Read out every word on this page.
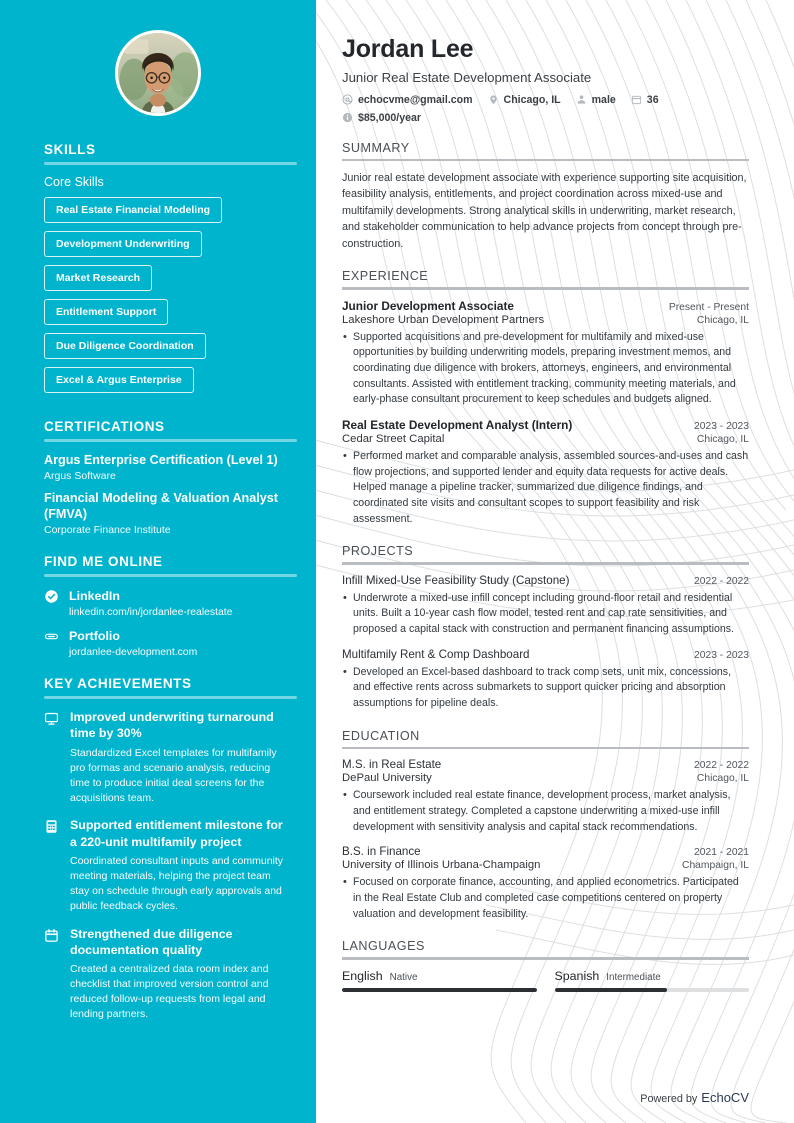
SKILLS
Core Skills
Real Estate Financial Modeling
Development Underwriting
Market Research
Entitlement Support
Due Diligence Coordination
Excel & Argus Enterprise
CERTIFICATIONS
Argus Enterprise Certification (Level 1)
Argus Software
Financial Modeling & Valuation Analyst (FMVA)
Corporate Finance Institute
FIND ME ONLINE
LinkedIn
linkedin.com/in/jordanlee-realestate
Portfolio
jordanlee-development.com
KEY ACHIEVEMENTS
Improved underwriting turnaround time by 30%
Standardized Excel templates for multifamily pro formas and scenario analysis, reducing time to produce initial deal screens for the acquisitions team.
Supported entitlement milestone for a 220-unit multifamily project
Coordinated consultant inputs and community meeting materials, helping the project team stay on schedule through early approvals and public feedback cycles.
Strengthened due diligence documentation quality
Created a centralized data room index and checklist that improved version control and reduced follow-up requests from legal and lending partners.
Jordan Lee
Junior Real Estate Development Associate
echocvme@gmail.com	Chicago, IL	male	36
$85,000/year
SUMMARY

Junior real estate development associate with experience supporting site acquisition, feasibility analysis, entitlements, and project coordination across mixed-use and multifamily developments. Strong analytical skills in underwriting, market research, and stakeholder communication to help advance projects from concept through pre-construction.

EXPERIENCE
Junior Development Associate	Present - Present
Lakeshore Urban Development Partners	Chicago, IL
• Supported acquisitions and pre-development for multifamily and mixed-use opportunities by building underwriting models, preparing investment memos, and coordinating due diligence with brokers, attorneys, engineers, and environmental consultants. Assisted with entitlement tracking, community meeting materials, and early-phase consultant procurement to keep schedules and budgets aligned.
Real Estate Development Analyst (Intern)	2023 - 2023
Cedar Street Capital	Chicago, IL
• Performed market and comparable analysis, assembled sources-and-uses and cash flow projections, and supported lender and equity data requests for active deals. Helped manage a pipeline tracker, summarized due diligence findings, and coordinated site visits and consultant scopes to support feasibility and risk assessment.
PROJECTS
Infill Mixed-Use Feasibility Study (Capstone)	2022 - 2022
• Underwrote a mixed-use infill concept including ground-floor retail and residential units. Built a 10-year cash flow model, tested rent and cap rate sensitivities, and proposed a capital stack with construction and permanent financing assumptions.
Multifamily Rent & Comp Dashboard	2023 - 2023
• Developed an Excel-based dashboard to track comp sets, unit mix, concessions, and effective rents across submarkets to support quicker pricing and absorption assumptions for pipeline deals.
EDUCATION
M.S. in Real Estate	2022 - 2022
DePaul University	Chicago, IL
• Coursework included real estate finance, development process, market analysis, and entitlement strategy. Completed a capstone underwriting a mixed-use infill development with sensitivity analysis and capital stack recommendations.
B.S. in Finance	2021 - 2021
University of Illinois Urbana-Champaign	Champaign, IL
• Focused on corporate finance, accounting, and applied econometrics. Participated in the Real Estate Club and completed case competitions centered on property valuation and development feasibility.
LANGUAGES
English Native	Spanish Intermediate
Powered by EchoCV
